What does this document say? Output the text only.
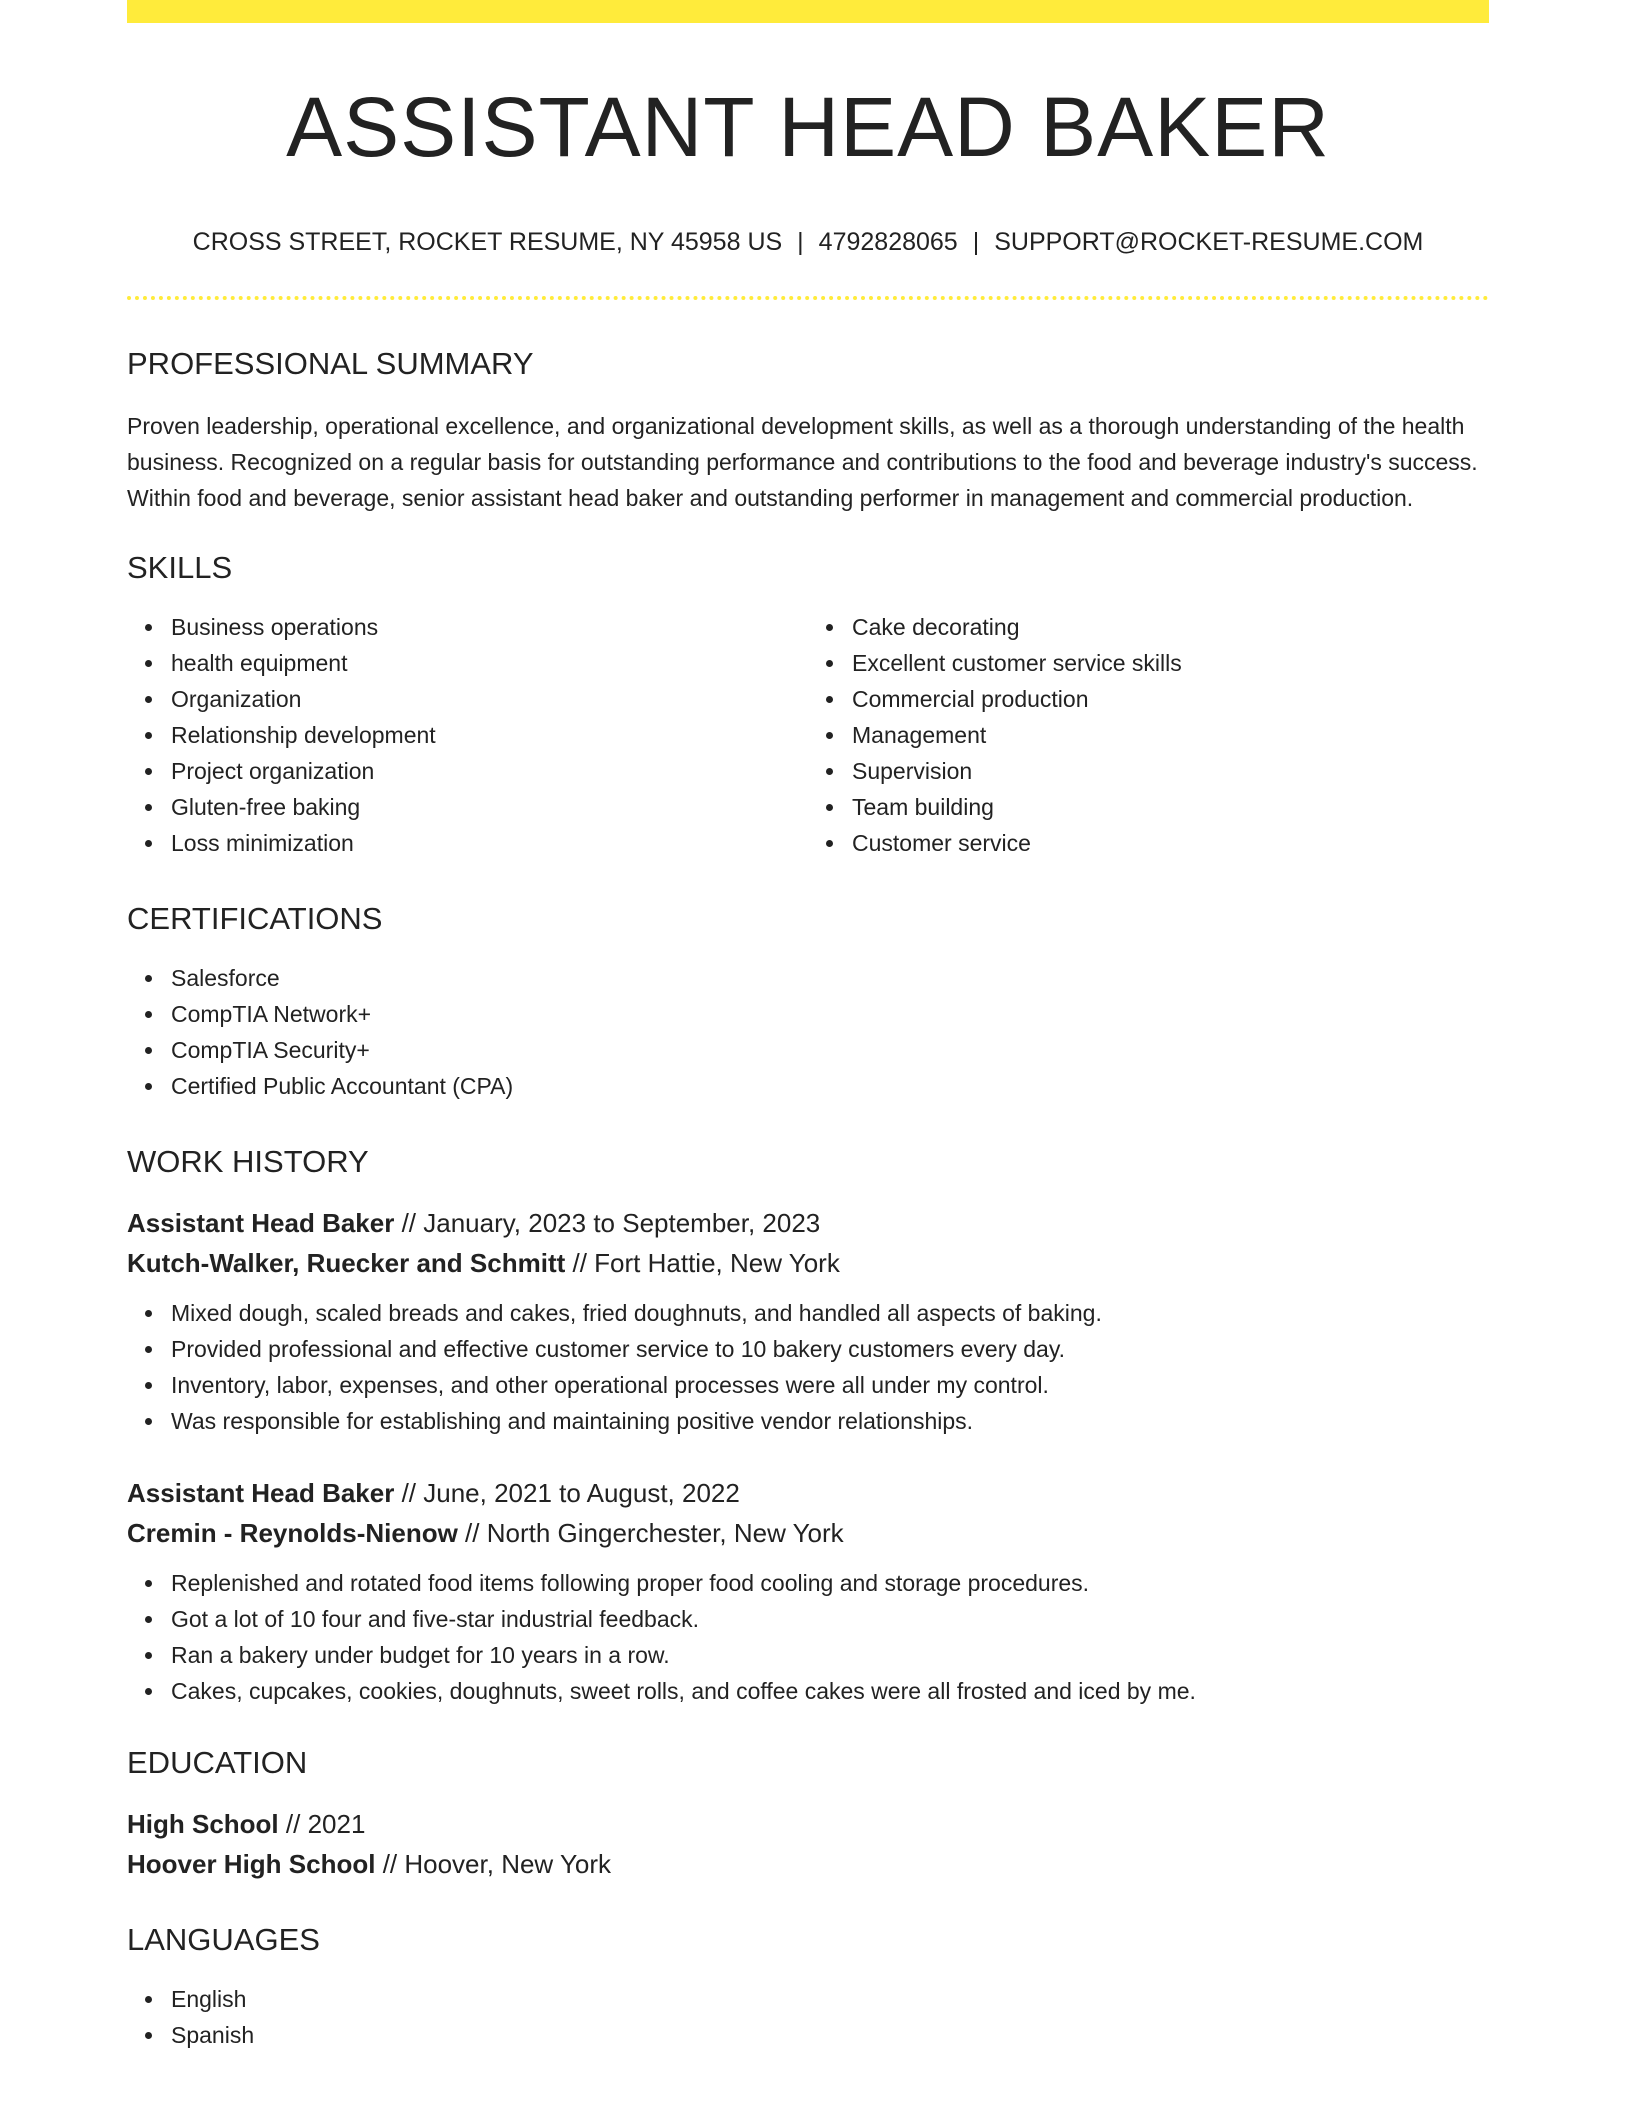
ASSISTANT HEAD BAKER
CROSS STREET, ROCKET RESUME, NY 45958 US | 4792828065 | SUPPORT@ROCKET-RESUME.COM
PROFESSIONAL SUMMARY

Proven leadership, operational excellence, and organizational development skills, as well as a thorough understanding of the health business. Recognized on a regular basis for outstanding performance and contributions to the food and beverage industry's success. Within food and beverage, senior assistant head baker and outstanding performer in management and commercial production.

SKILLS
Business operations
health equipment
Organization
Relationship development
Project organization
Gluten-free baking
Loss minimization
Cake decorating
Excellent customer service skills
Commercial production
Management
Supervision
Team building
Customer service
CERTIFICATIONS
Salesforce
CompTIA Network+
CompTIA Security+
Certified Public Accountant (CPA)
WORK HISTORY
Assistant Head Baker // January, 2023 to September, 2023
Kutch-Walker, Ruecker and Schmitt // Fort Hattie, New York
Mixed dough, scaled breads and cakes, fried doughnuts, and handled all aspects of baking.
Provided professional and effective customer service to 10 bakery customers every day.
Inventory, labor, expenses, and other operational processes were all under my control.
Was responsible for establishing and maintaining positive vendor relationships.
Assistant Head Baker // June, 2021 to August, 2022
Cremin - Reynolds-Nienow // North Gingerchester, New York
Replenished and rotated food items following proper food cooling and storage procedures.
Got a lot of 10 four and five-star industrial feedback.
Ran a bakery under budget for 10 years in a row.
Cakes, cupcakes, cookies, doughnuts, sweet rolls, and coffee cakes were all frosted and iced by me.
EDUCATION
High School // 2021
Hoover High School // Hoover, New York
LANGUAGES
English
Spanish
